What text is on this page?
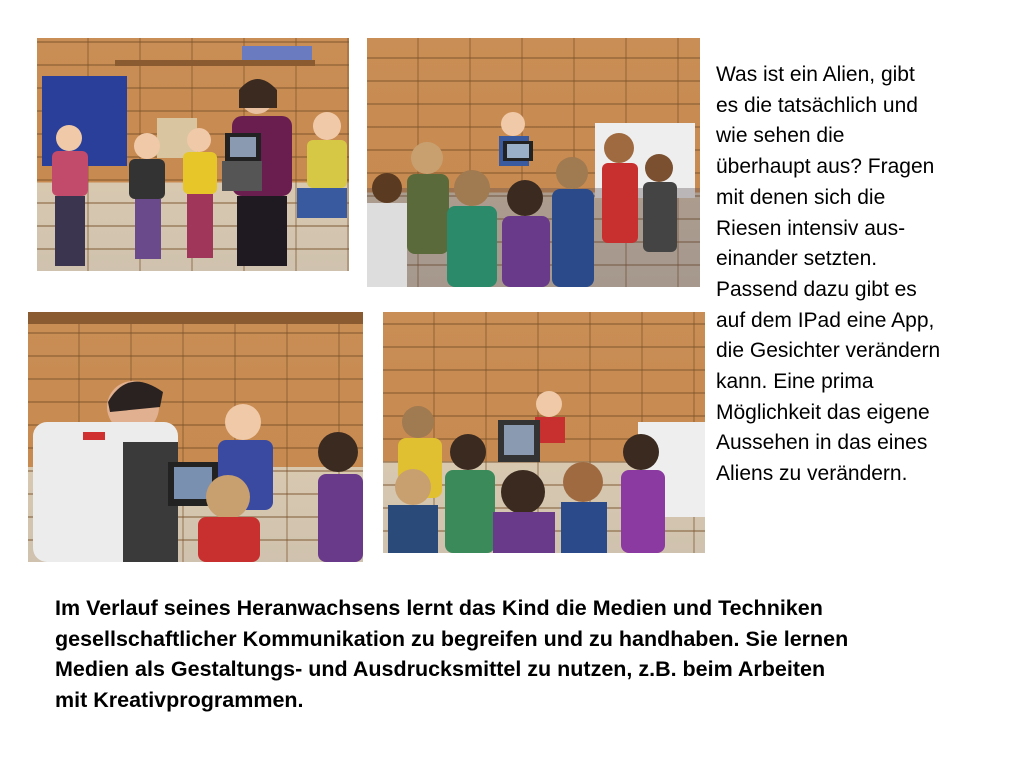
Was ist ein Alien, gibt
es die tatsächlich und
wie sehen die
überhaupt aus? Fragen
mit denen sich die
Riesen intensiv aus-
einander setzten.
Passend dazu gibt es
auf dem IPad eine App,
die Gesichter verändern
kann. Eine prima
Möglichkeit das eigene
Aussehen in das eines
Aliens zu verändern.
Im Verlauf seines Heranwachsens lernt das Kind die Medien und Techniken
gesellschaftlicher Kommunikation zu begreifen und zu handhaben. Sie lernen
Medien als Gestaltungs- und Ausdrucksmittel zu nutzen, z.B. beim Arbeiten
mit Kreativprogrammen.
